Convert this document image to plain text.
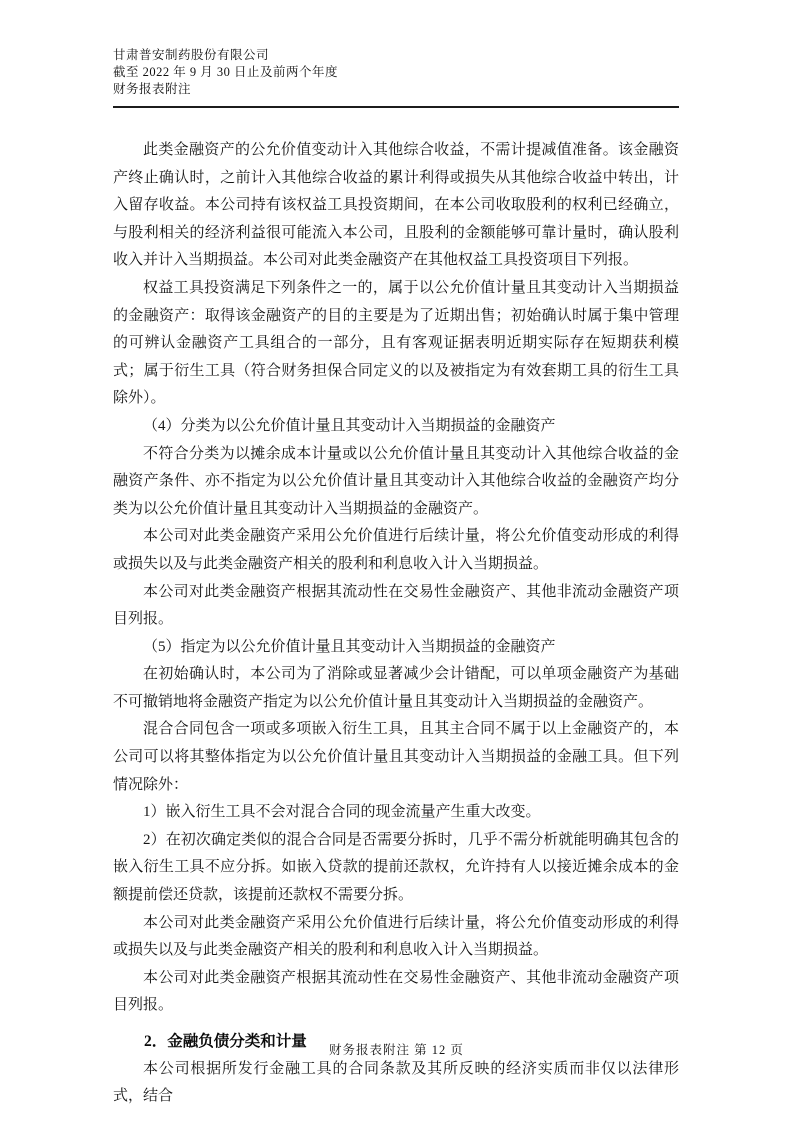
甘肃普安制药股份有限公司
截至 2022 年 9 月 30 日止及前两个年度
财务报表附注

此类金融资产的公允价值变动计入其他综合收益，不需计提减值准备。该金融资产终止确认时，之前计入其他综合收益的累计利得或损失从其他综合收益中转出，计入留存收益。本公司持有该权益工具投资期间，在本公司收取股利的权利已经确立，与股利相关的经济利益很可能流入本公司，且股利的金额能够可靠计量时，确认股利收入并计入当期损益。本公司对此类金融资产在其他权益工具投资项目下列报。

权益工具投资满足下列条件之一的，属于以公允价值计量且其变动计入当期损益的金融资产：取得该金融资产的目的主要是为了近期出售；初始确认时属于集中管理的可辨认金融资产工具组合的一部分，且有客观证据表明近期实际存在短期获利模式；属于衍生工具（符合财务担保合同定义的以及被指定为有效套期工具的衍生工具除外）。

（4）分类为以公允价值计量且其变动计入当期损益的金融资产

不符合分类为以摊余成本计量或以公允价值计量且其变动计入其他综合收益的金融资产条件、亦不指定为以公允价值计量且其变动计入其他综合收益的金融资产均分类为以公允价值计量且其变动计入当期损益的金融资产。

本公司对此类金融资产采用公允价值进行后续计量，将公允价值变动形成的利得或损失以及与此类金融资产相关的股利和利息收入计入当期损益。

本公司对此类金融资产根据其流动性在交易性金融资产、其他非流动金融资产项目列报。

（5）指定为以公允价值计量且其变动计入当期损益的金融资产

在初始确认时，本公司为了消除或显著减少会计错配，可以单项金融资产为基础不可撤销地将金融资产指定为以公允价值计量且其变动计入当期损益的金融资产。

混合合同包含一项或多项嵌入衍生工具，且其主合同不属于以上金融资产的，本公司可以将其整体指定为以公允价值计量且其变动计入当期损益的金融工具。但下列情况除外：

1）嵌入衍生工具不会对混合合同的现金流量产生重大改变。

2）在初次确定类似的混合合同是否需要分拆时，几乎不需分析就能明确其包含的嵌入衍生工具不应分拆。如嵌入贷款的提前还款权，允许持有人以接近摊余成本的金额提前偿还贷款，该提前还款权不需要分拆。

本公司对此类金融资产采用公允价值进行后续计量，将公允价值变动形成的利得或损失以及与此类金融资产相关的股利和利息收入计入当期损益。

本公司对此类金融资产根据其流动性在交易性金融资产、其他非流动金融资产项目列报。

2．金融负债分类和计量

本公司根据所发行金融工具的合同条款及其所反映的经济实质而非仅以法律形式，结合

财务报表附注 第 12 页
